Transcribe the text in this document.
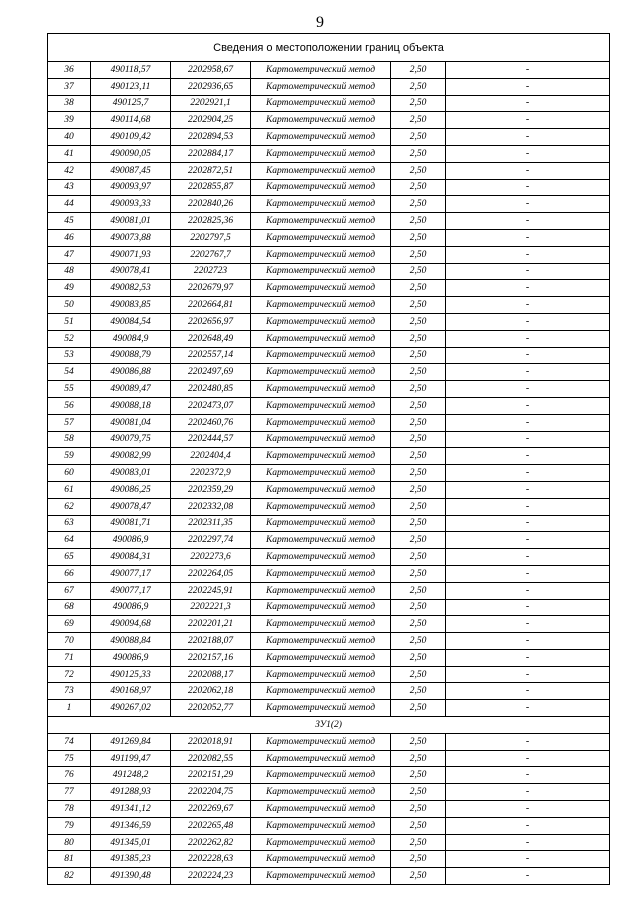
9
Сведения о местоположении границ объекта					
36	490118,57	2202958,67	Картометрический метод	2,50	-
37	490123,11	2202936,65	Картометрический метод	2,50	-
38	490125,7	2202921,1	Картометрический метод	2,50	-
39	490114,68	2202904,25	Картометрический метод	2,50	-
40	490109,42	2202894,53	Картометрический метод	2,50	-
41	490090,05	2202884,17	Картометрический метод	2,50	-
42	490087,45	2202872,51	Картометрический метод	2,50	-
43	490093,97	2202855,87	Картометрический метод	2,50	-
44	490093,33	2202840,26	Картометрический метод	2,50	-
45	490081,01	2202825,36	Картометрический метод	2,50	-
46	490073,88	2202797,5	Картометрический метод	2,50	-
47	490071,93	2202767,7	Картометрический метод	2,50	-
48	490078,41	2202723	Картометрический метод	2,50	-
49	490082,53	2202679,97	Картометрический метод	2,50	-
50	490083,85	2202664,81	Картометрический метод	2,50	-
51	490084,54	2202656,97	Картометрический метод	2,50	-
52	490084,9	2202648,49	Картометрический метод	2,50	-
53	490088,79	2202557,14	Картометрический метод	2,50	-
54	490086,88	2202497,69	Картометрический метод	2,50	-
55	490089,47	2202480,85	Картометрический метод	2,50	-
56	490088,18	2202473,07	Картометрический метод	2,50	-
57	490081,04	2202460,76	Картометрический метод	2,50	-
58	490079,75	2202444,57	Картометрический метод	2,50	-
59	490082,99	2202404,4	Картометрический метод	2,50	-
60	490083,01	2202372,9	Картометрический метод	2,50	-
61	490086,25	2202359,29	Картометрический метод	2,50	-
62	490078,47	2202332,08	Картометрический метод	2,50	-
63	490081,71	2202311,35	Картометрический метод	2,50	-
64	490086,9	2202297,74	Картометрический метод	2,50	-
65	490084,31	2202273,6	Картометрический метод	2,50	-
66	490077,17	2202264,05	Картометрический метод	2,50	-
67	490077,17	2202245,91	Картометрический метод	2,50	-
68	490086,9	2202221,3	Картометрический метод	2,50	-
69	490094,68	2202201,21	Картометрический метод	2,50	-
70	490088,84	2202188,07	Картометрический метод	2,50	-
71	490086,9	2202157,16	Картометрический метод	2,50	-
72	490125,33	2202088,17	Картометрический метод	2,50	-
73	490168,97	2202062,18	Картометрический метод	2,50	-
1	490267,02	2202052,77	Картометрический метод	2,50	-
ЗУ1(2)					
74	491269,84	2202018,91	Картометрический метод	2,50	-
75	491199,47	2202082,55	Картометрический метод	2,50	-
76	491248,2	2202151,29	Картометрический метод	2,50	-
77	491288,93	2202204,75	Картометрический метод	2,50	-
78	491341,12	2202269,67	Картометрический метод	2,50	-
79	491346,59	2202265,48	Картометрический метод	2,50	-
80	491345,01	2202262,82	Картометрический метод	2,50	-
81	491385,23	2202228,63	Картометрический метод	2,50	-
82	491390,48	2202224,23	Картометрический метод	2,50	-
